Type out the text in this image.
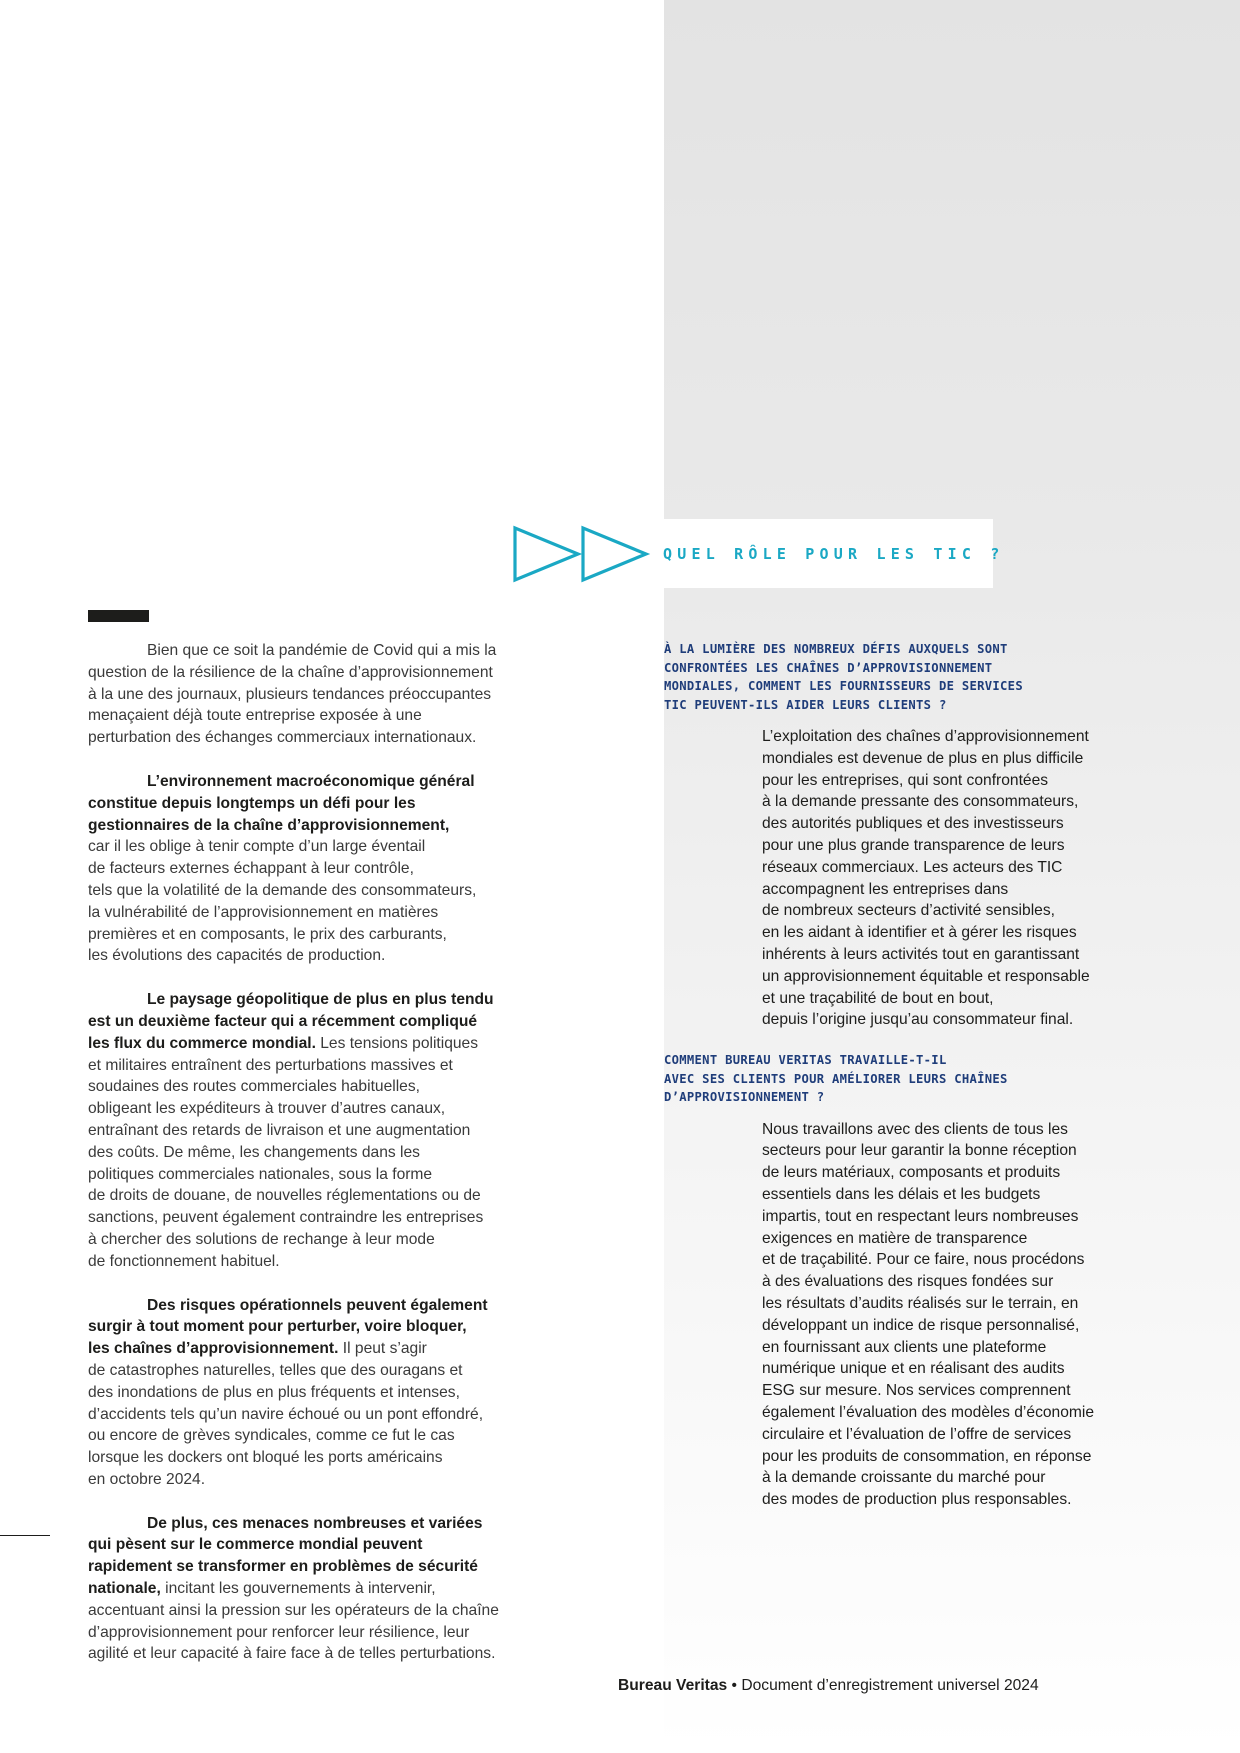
QUEL RÔLE POUR LES TIC ?

Bien que ce soit la pandémie de Covid qui a mis la
question de la résilience de la chaîne d’approvisionnement
à la une des journaux, plusieurs tendances préoccupantes
menaçaient déjà toute entreprise exposée à une
perturbation des échanges commerciaux internationaux.

L’environnement macroéconomique général
constitue depuis longtemps un défi pour les
gestionnaires de la chaîne d’approvisionnement,
car il les oblige à tenir compte d’un large éventail
de facteurs externes échappant à leur contrôle,
tels que la volatilité de la demande des consommateurs,
la vulnérabilité de l’approvisionnement en matières
premières et en composants, le prix des carburants,
les évolutions des capacités de production.

Le paysage géopolitique de plus en plus tendu
est un deuxième facteur qui a récemment compliqué
les flux du commerce mondial. Les tensions politiques
et militaires entraînent des perturbations massives et
soudaines des routes commerciales habituelles,
obligeant les expéditeurs à trouver d’autres canaux,
entraînant des retards de livraison et une augmentation
des coûts. De même, les changements dans les
politiques commerciales nationales, sous la forme
de droits de douane, de nouvelles réglementations ou de
sanctions, peuvent également contraindre les entreprises
à chercher des solutions de rechange à leur mode
de fonctionnement habituel.

Des risques opérationnels peuvent également
surgir à tout moment pour perturber, voire bloquer,
les chaînes d’approvisionnement. Il peut s’agir
de catastrophes naturelles, telles que des ouragans et
des inondations de plus en plus fréquents et intenses,
d’accidents tels qu’un navire échoué ou un pont effondré,
ou encore de grèves syndicales, comme ce fut le cas
lorsque les dockers ont bloqué les ports américains
en octobre 2024.

De plus, ces menaces nombreuses et variées
qui pèsent sur le commerce mondial peuvent
rapidement se transformer en problèmes de sécurité
nationale, incitant les gouvernements à intervenir,
accentuant ainsi la pression sur les opérateurs de la chaîne
d’approvisionnement pour renforcer leur résilience, leur
agilité et leur capacité à faire face à de telles perturbations.

À LA LUMIÈRE DES NOMBREUX DÉFIS AUXQUELS SONT
CONFRONTÉES LES CHAÎNES D’APPROVISIONNEMENT
MONDIALES, COMMENT LES FOURNISSEURS DE SERVICES
TIC PEUVENT-ILS AIDER LEURS CLIENTS ?

L’exploitation des chaînes d’approvisionnement
mondiales est devenue de plus en plus difficile
pour les entreprises, qui sont confrontées
à la demande pressante des consommateurs,
des autorités publiques et des investisseurs
pour une plus grande transparence de leurs
réseaux commerciaux. Les acteurs des TIC
accompagnent les entreprises dans
de nombreux secteurs d’activité sensibles,
en les aidant à identifier et à gérer les risques
inhérents à leurs activités tout en garantissant
un approvisionnement équitable et responsable
et une traçabilité de bout en bout,
depuis l’origine jusqu’au consommateur final.

COMMENT BUREAU VERITAS TRAVAILLE-T-IL
AVEC SES CLIENTS POUR AMÉLIORER LEURS CHAÎNES
D’APPROVISIONNEMENT ?

Nous travaillons avec des clients de tous les
secteurs pour leur garantir la bonne réception
de leurs matériaux, composants et produits
essentiels dans les délais et les budgets
impartis, tout en respectant leurs nombreuses
exigences en matière de transparence
et de traçabilité. Pour ce faire, nous procédons
à des évaluations des risques fondées sur
les résultats d’audits réalisés sur le terrain, en
développant un indice de risque personnalisé,
en fournissant aux clients une plateforme
numérique unique et en réalisant des audits
ESG sur mesure. Nos services comprennent
également l’évaluation des modèles d’économie
circulaire et l’évaluation de l’offre de services
pour les produits de consommation, en réponse
à la demande croissante du marché pour
des modes de production plus responsables.

Bureau Veritas • Document d’enregistrement universel 2024
